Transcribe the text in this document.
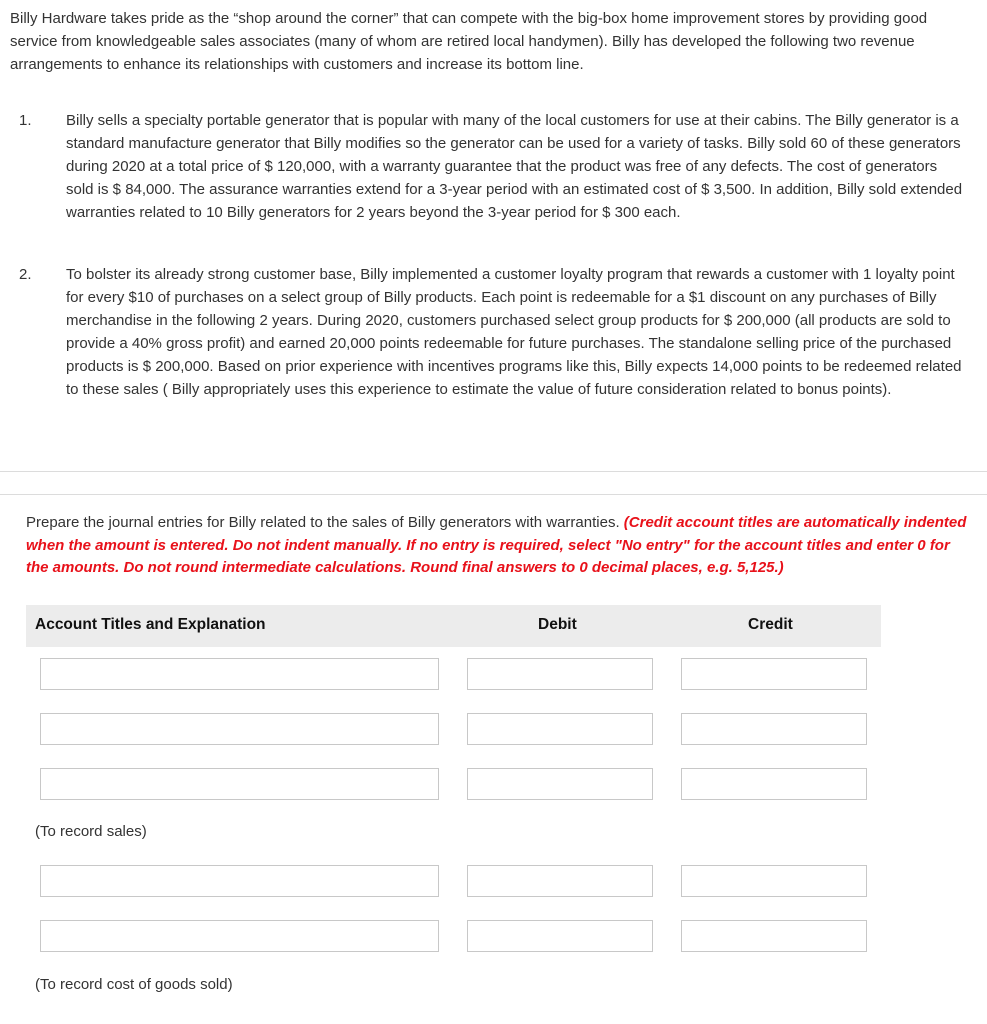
Billy Hardware takes pride as the “shop around the corner” that can compete with the big-box home improvement stores by providing good service from knowledgeable sales associates (many of whom are retired local handymen). Billy has developed the following two revenue arrangements to enhance its relationships with customers and increase its bottom line.

1. Billy sells a specialty portable generator that is popular with many of the local customers for use at their cabins. The Billy generator is a standard manufacture generator that Billy modifies so the generator can be used for a variety of tasks. Billy sold 60 of these generators during 2020 at a total price of $ 120,000, with a warranty guarantee that the product was free of any defects. The cost of generators sold is $ 84,000. The assurance warranties extend for a 3-year period with an estimated cost of $ 3,500. In addition, Billy sold extended warranties related to 10 Billy generators for 2 years beyond the 3-year period for $ 300 each.

2. To bolster its already strong customer base, Billy implemented a customer loyalty program that rewards a customer with 1 loyalty point for every $10 of purchases on a select group of Billy products. Each point is redeemable for a $1 discount on any purchases of Billy merchandise in the following 2 years. During 2020, customers purchased select group products for $ 200,000 (all products are sold to provide a 40% gross profit) and earned 20,000 points redeemable for future purchases. The standalone selling price of the purchased products is $ 200,000. Based on prior experience with incentives programs like this, Billy expects 14,000 points to be redeemed related to these sales ( Billy appropriately uses this experience to estimate the value of future consideration related to bonus points).

Prepare the journal entries for Billy related to the sales of Billy generators with warranties. (Credit account titles are automatically indented when the amount is entered. Do not indent manually. If no entry is required, select "No entry" for the account titles and enter 0 for the amounts. Do not round intermediate calculations. Round final answers to 0 decimal places, e.g. 5,125.)

Account Titles and Explanation	Debit	Credit
(To record sales)
(To record cost of goods sold)
